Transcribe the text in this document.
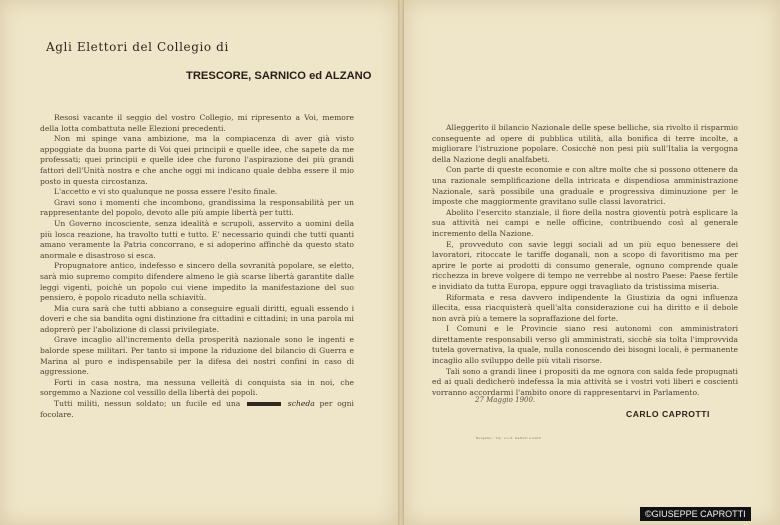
Agli Elettori del Collegio di
TRESCORE, SARNICO ed ALZANO

Resosi vacante il seggio del vostro Collegio, mi ripresento a Voi, memore della lotta combattuta nelle Elezioni precedenti.

Non mi spinge vana ambizione, ma la compiacenza di aver già visto appoggiate da buona parte di Voi quei principii e quelle idee, che sapete da me professati; quei principii e quelle idee che furono l'aspirazione dei più grandi fattori dell'Unità nostra e che anche oggi mi indicano quale debba essere il mio posto in questa circostanza.

L'accetto e vi sto qualunque ne possa essere l'esito finale.

Gravi sono i momenti che incombono, grandissima la responsabilità per un rappresentante del popolo, devoto alle più ampie libertà per tutti.

Un Governo incosciente, senza idealità e scrupoli, asservito a uomini della più losca reazione, ha travolto tutti e tutto. E' necessario quindi che tutti quanti amano veramente la Patria concorrano, e si adoperino affinchè da questo stato anormale e disastroso si esca.

Propugnatore antico, indefesso e sincero della sovranità popolare, se eletto, sarà mio supremo compito difendere almeno le già scarse libertà garantite dalle leggi vigenti, poichè un popolo cui viene impedito la manifestazione del suo pensiero, è popolo ricaduto nella schiavitù.

Mia cura sarà che tutti abbiano a conseguire eguali diritti, eguali essendo i doveri e che sia bandita ogni distinzione fra cittadini e cittadini; in una parola mi adoprerò per l'abolizione di classi privilegiate.

Grave incaglio all'incremento della prosperità nazionale sono le ingenti e balorde spese militari. Per tanto si impone la riduzione del bilancio di Guerra e Marina al puro e indispensabile per la difesa dei nostri confini in caso di aggressione.

Forti in casa nostra, ma nessuna velleità di conquista sia in noi, che sorgemmo a Nazione col vessillo della libertà dei popoli.

Tutti militi, nessun soldato; un fucile ed una	scheda per ogni focolare.

Alleggerito il bilancio Nazionale delle spese belliche, sia rivolto il risparmio conseguente ad opere di pubblica utilità, alla bonifica di terre incolte, a migliorare l'istruzione popolare. Cosicchè non pesi più sull'Italia la vergogna della Nazione degli analfabeti.

Con parte di queste economie e con altre molte che si possono ottenere da una razionale semplificazione della intricata e dispendiosa amministrazione Nazionale, sarà possibile una graduale e progressiva diminuzione per le imposte che maggiormente gravitano sulle classi lavoratrici.

Abolito l'esercito stanziale, il fiore della nostra gioventù potrà esplicare la sua attività nei campi e nelle officine, contribuendo così al generale incremento della Nazione.

E, provveduto con savie leggi sociali ad un più equo benessere dei lavoratori, ritoccate le tariffe doganali, non a scopo di favoritismo ma per aprire le porte ai prodotti di consumo generale, ognuno comprende quale ricchezza in breve volgere di tempo ne verrebbe al nostro Paese: Paese fertile e invidiato da tutta Europa, eppure oggi travagliato da tristissima miseria.

Riformata e resa davvero indipendente la Giustizia da ogni influenza illecita, essa riacquisterà quell'alta considerazione cui ha diritto e il debole non avrà più a temere la sopraffazione del forte.

I Comuni e le Provincie siano resi autonomi con amministratori direttamente responsabili verso gli amministrati, sicchè sia tolta l'improvvida tutela governativa, la quale, nulla conoscendo dei bisogni locali, è permanente incaglio allo sviluppo delle più vitali risorse.

Tali sono a grandi linee i propositi da me ognora con salda fede propugnati ed ai quali dedicherò indefessa la mia attività se i vostri voti liberi e coscienti vorranno accordarmi l'ambito onore di rappresentarvi in Parlamento.

27 Maggio 1900.
CARLO CAPROTTI
Bergamo - Tip. e Lit. Gaffuri e Gatti
©GIUSEPPE CAPROTTI
